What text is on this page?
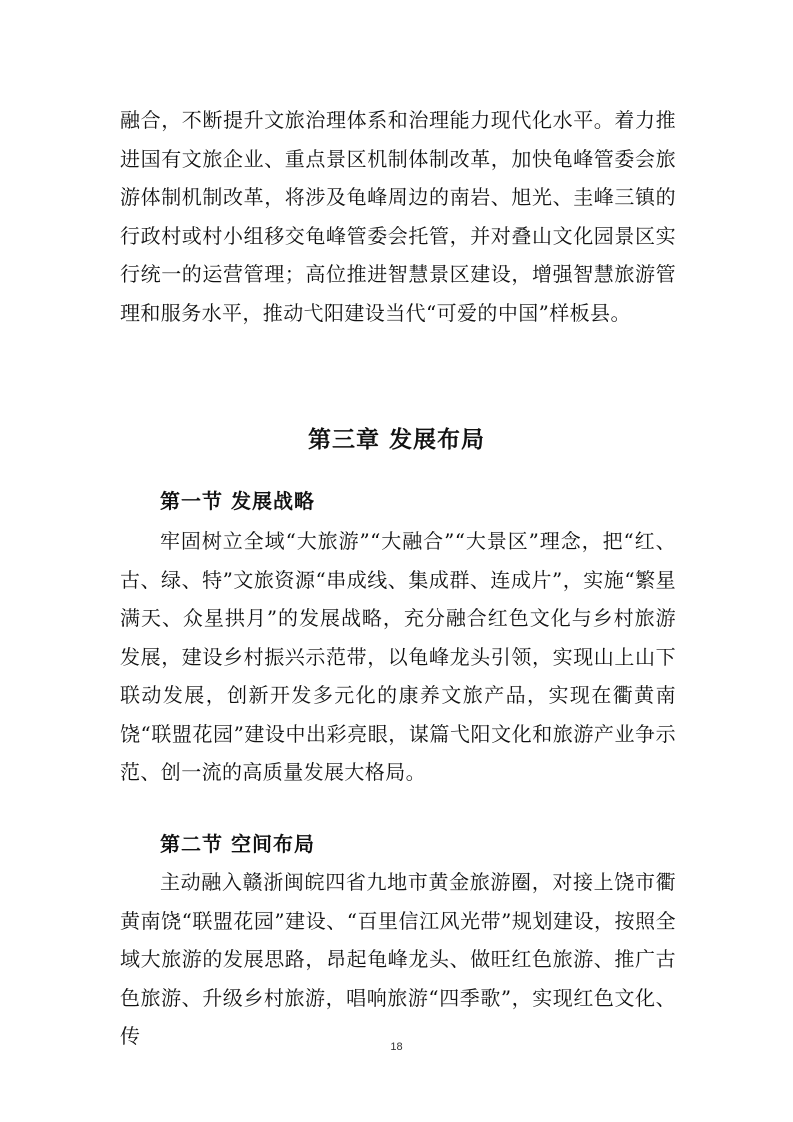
融合，不断提升文旅治理体系和治理能力现代化水平。着力推进国有文旅企业、重点景区机制体制改革，加快龟峰管委会旅游体制机制改革，将涉及龟峰周边的南岩、旭光、圭峰三镇的行政村或村小组移交龟峰管委会托管，并对叠山文化园景区实行统一的运营管理；高位推进智慧景区建设，增强智慧旅游管理和服务水平，推动弋阳建设当代“可爱的中国”样板县。

第三章 发展布局
第一节 发展战略

牢固树立全域“大旅游”“大融合”“大景区”理念，把“红、古、绿、特”文旅资源“串成线、集成群、连成片”，实施“繁星满天、众星拱月”的发展战略，充分融合红色文化与乡村旅游发展，建设乡村振兴示范带，以龟峰龙头引领，实现山上山下联动发展，创新开发多元化的康养文旅产品，实现在衢黄南饶“联盟花园”建设中出彩亮眼，谋篇弋阳文化和旅游产业争示范、创一流的高质量发展大格局。

第二节 空间布局

主动融入赣浙闽皖四省九地市黄金旅游圈，对接上饶市衢黄南饶“联盟花园”建设、“百里信江风光带”规划建设，按照全域大旅游的发展思路，昂起龟峰龙头、做旺红色旅游、推广古色旅游、升级乡村旅游，唱响旅游“四季歌”，实现红色文化、传	18
